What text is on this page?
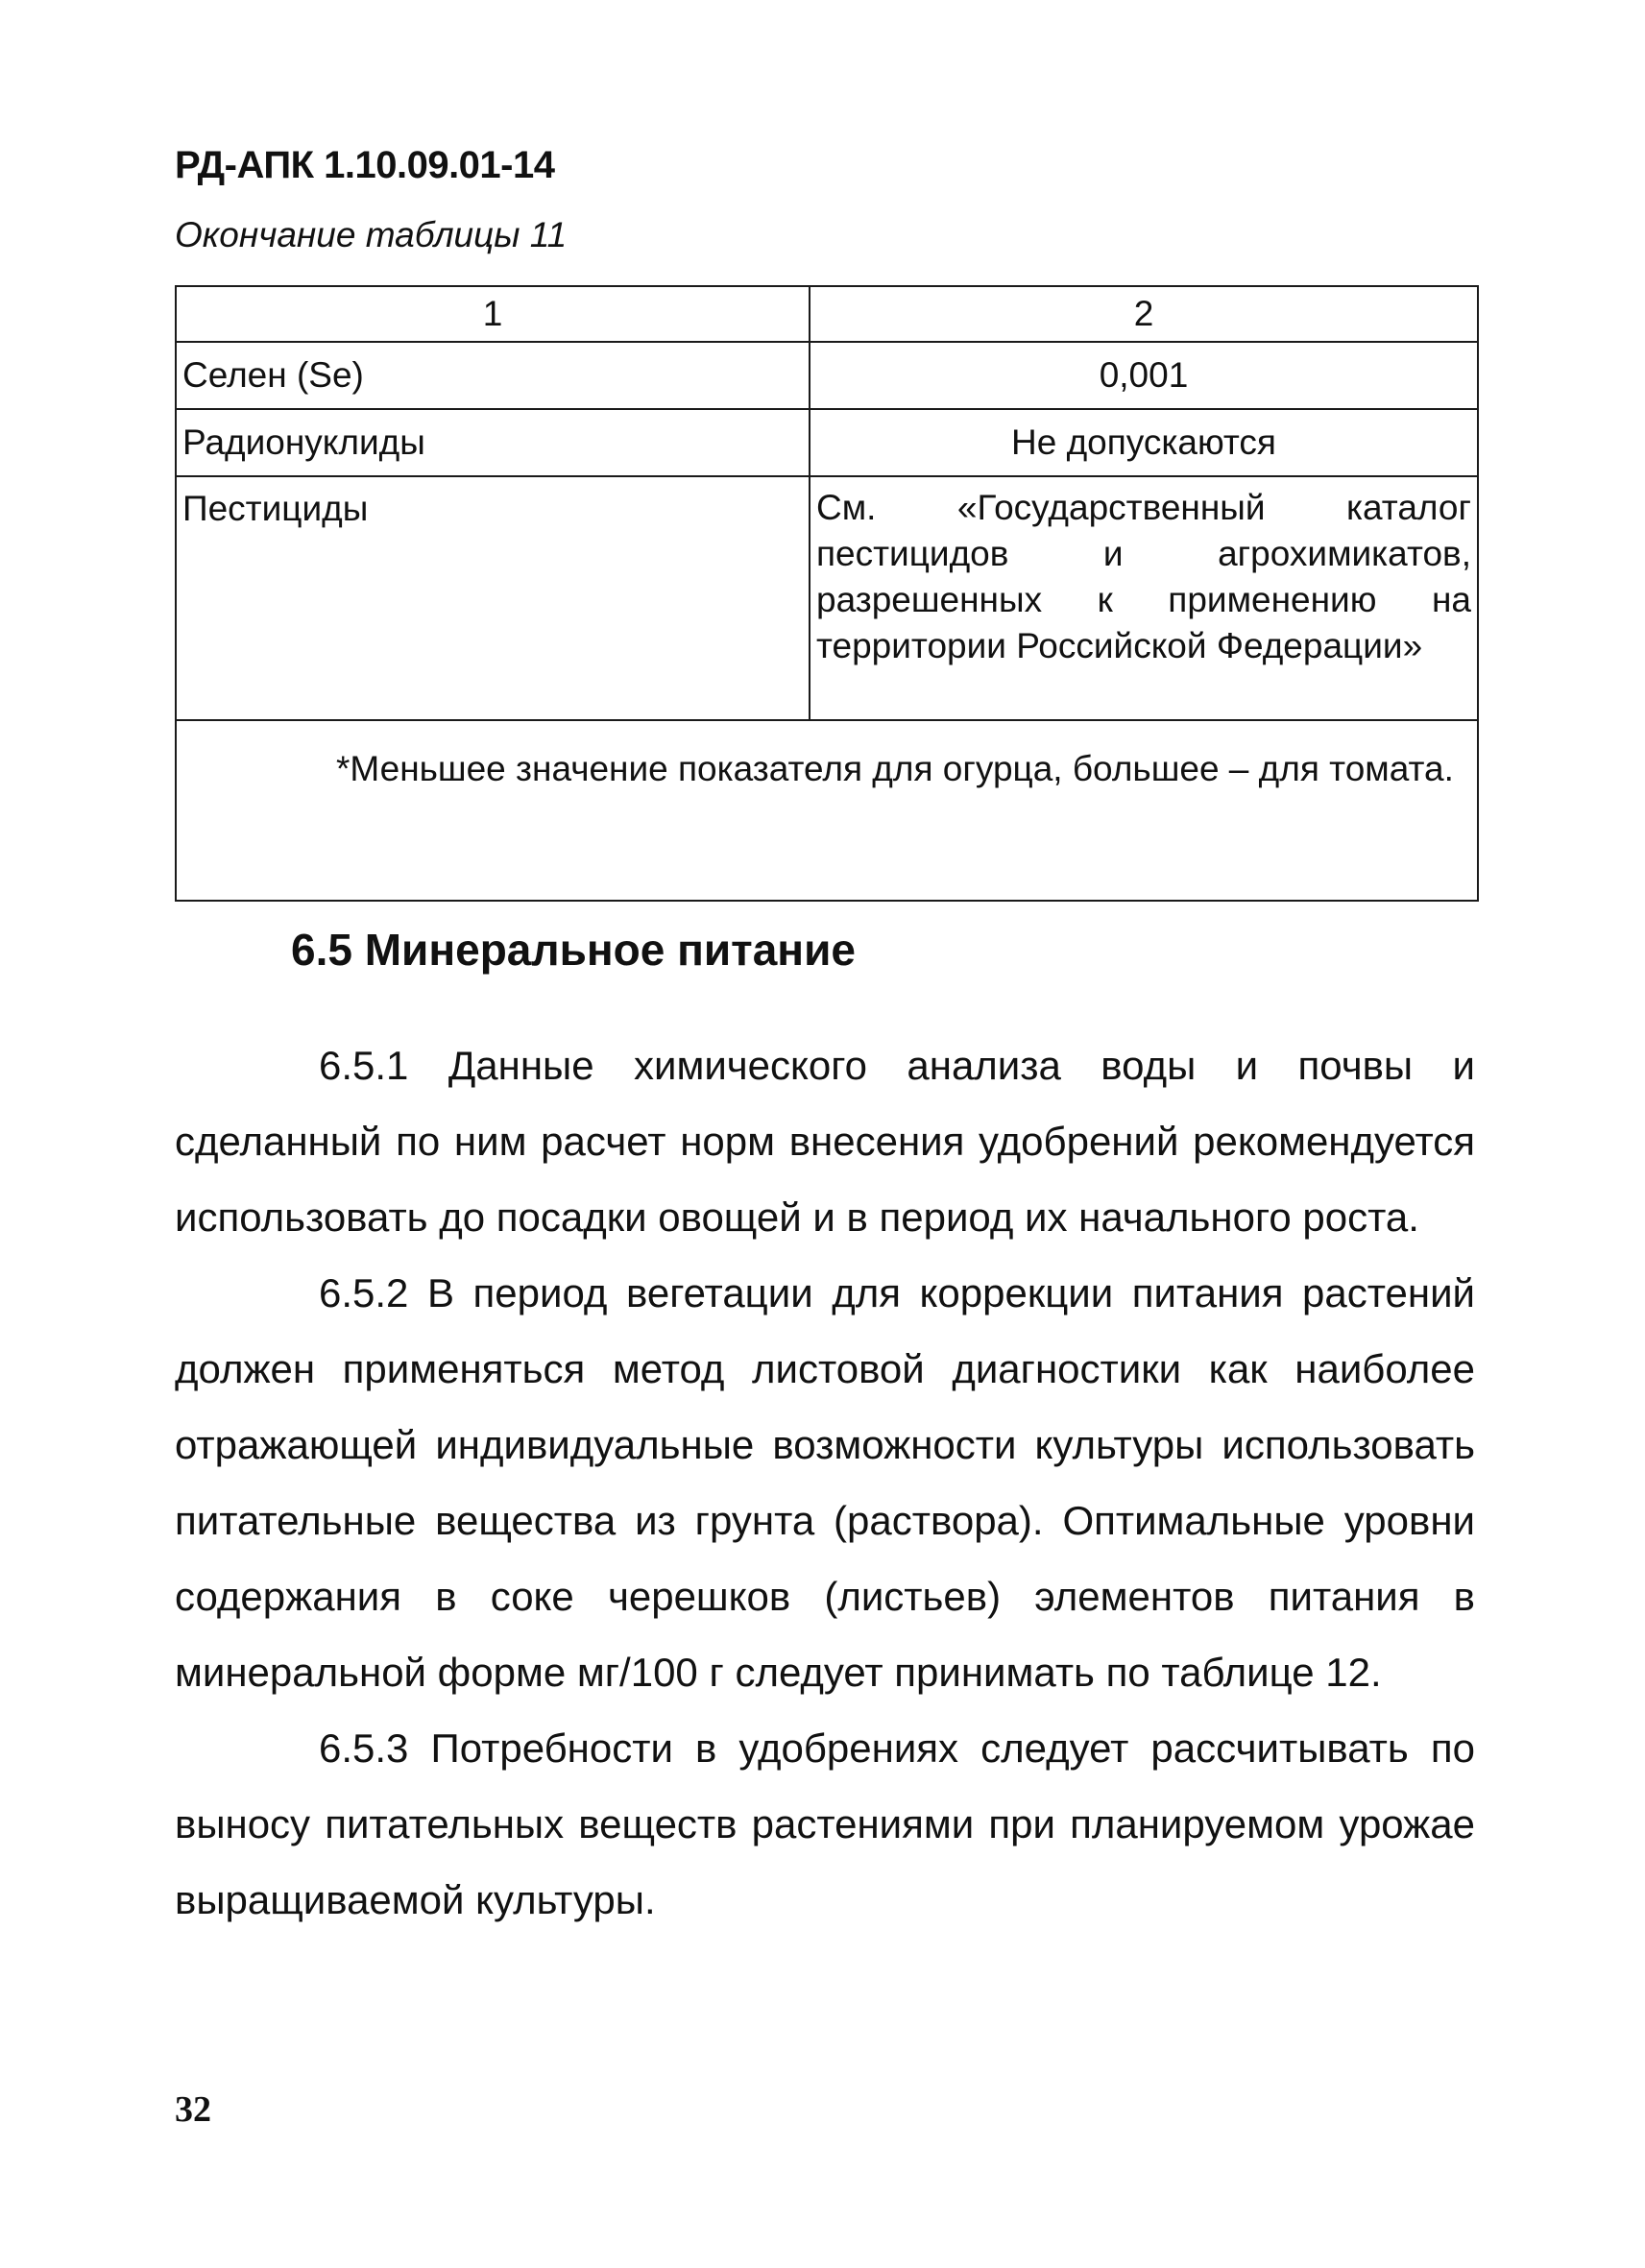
РД-АПК 1.10.09.01-14
Окончание таблицы 11
1	2
Селен (Se)	0,001
Радионуклиды	Не допускаются
Пестициды	См. «Государственный каталог пестицидов и агрохимикатов, разрешенных к применению на территории Российской Федерации»
*Меньшее значение показателя для огурца, большее – для томата.	
6.5 Минеральное питание

6.5.1 Данные химического анализа воды и почвы и сделанный по ним расчет норм внесения удобрений рекомендуется использовать до посадки овощей и в период их начального роста.

6.5.2 В период вегетации для коррекции питания растений должен применяться метод листовой диагностики как наиболее отражающей индивидуальные возможности культуры использовать питательные вещества из грунта (раствора). Оптимальные уровни содержания в соке черешков (листьев) элементов питания в минеральной форме мг/100 г следует принимать по таблице 12.

6.5.3 Потребности в удобрениях следует рассчитывать по выносу питательных веществ растениями при планируемом урожае выращиваемой культуры.

32
